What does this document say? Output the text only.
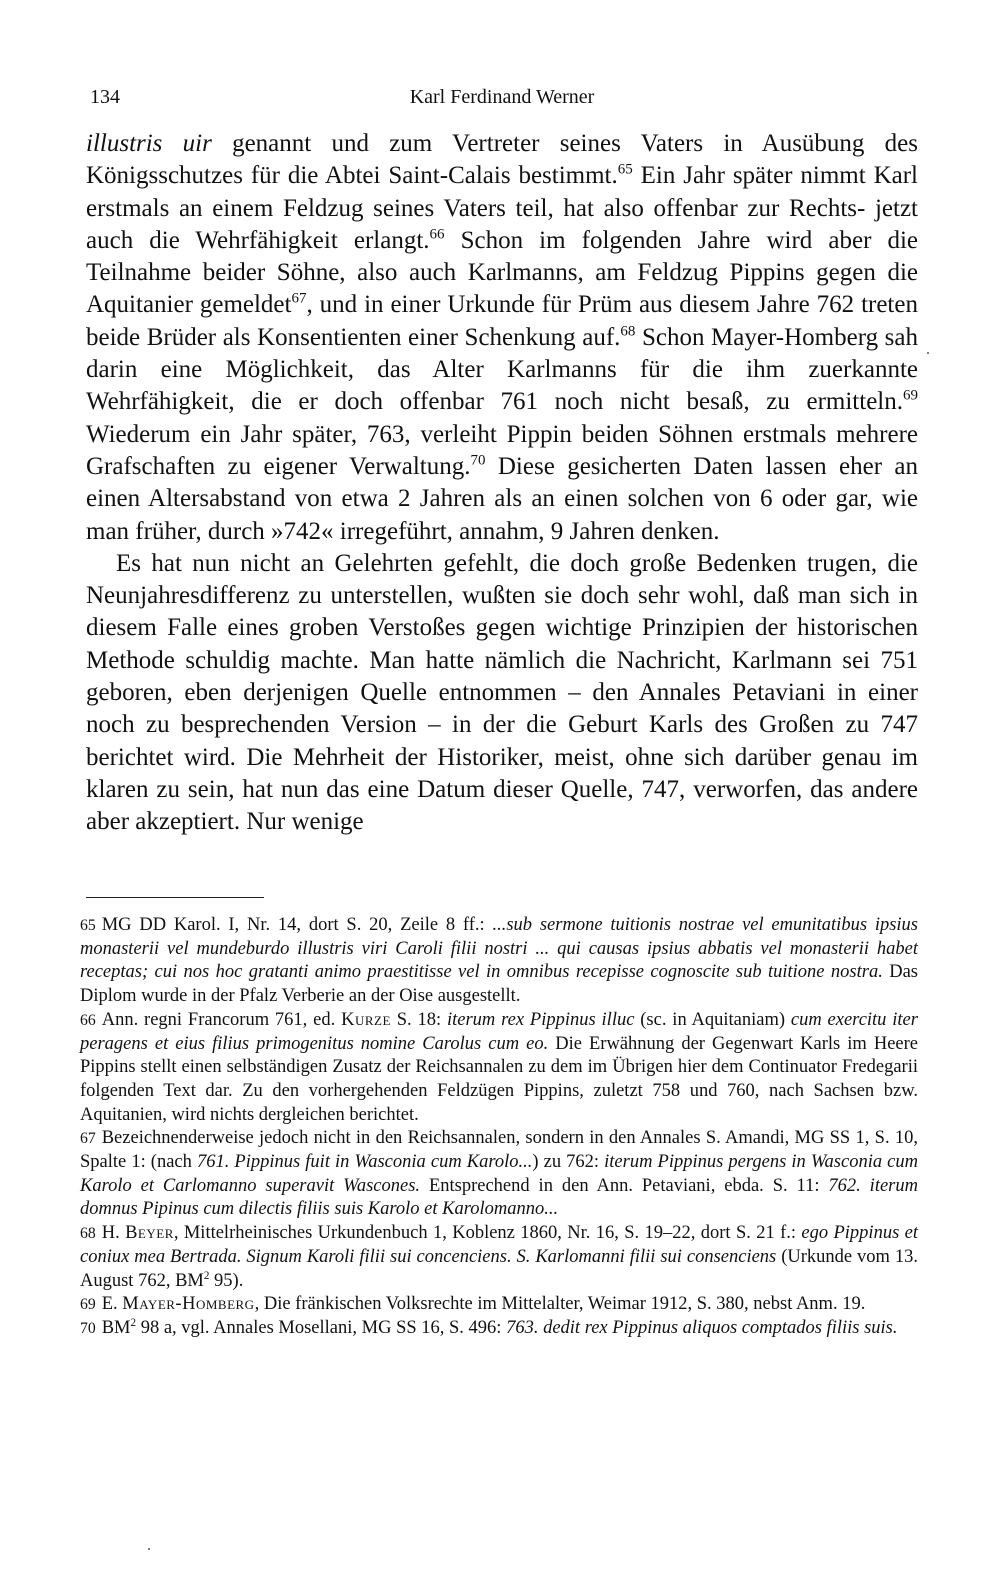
134	Karl Ferdinand Werner

illustris uir genannt und zum Vertreter seines Vaters in Ausübung des Königsschutzes für die Abtei Saint-Calais bestimmt.$^{65}$ Ein Jahr später nimmt Karl erstmals an einem Feldzug seines Vaters teil, hat also offenbar zur Rechts- jetzt auch die Wehrfähigkeit erlangt.$^{66}$ Schon im folgenden Jahre wird aber die Teilnahme beider Söhne, also auch Karlmanns, am Feldzug Pippins gegen die Aquitanier gemeldet$^{67}$, und in einer Urkunde für Prüm aus diesem Jahre 762 treten beide Brüder als Konsentienten einer Schenkung auf.$^{68}$ Schon Mayer-Homberg sah darin eine Möglichkeit, das Alter Karlmanns für die ihm zuerkannte Wehrfähigkeit, die er doch offenbar 761 noch nicht besaß, zu ermitteln.$^{69}$ Wiederum ein Jahr später, 763, verleiht Pippin beiden Söhnen erstmals mehrere Grafschaften zu eigener Verwaltung.$^{70}$ Diese gesicherten Daten lassen eher an einen Altersabstand von etwa 2 Jahren als an einen solchen von 6 oder gar, wie man früher, durch »742« irregeführt, annahm, 9 Jahren denken.

Es hat nun nicht an Gelehrten gefehlt, die doch große Bedenken trugen, die Neunjahresdifferenz zu unterstellen, wußten sie doch sehr wohl, daß man sich in diesem Falle eines groben Verstoßes gegen wichtige Prinzipien der historischen Methode schuldig machte. Man hatte nämlich die Nachricht, Karlmann sei 751 geboren, eben derjenigen Quelle entnommen – den Annales Petaviani in einer noch zu besprechenden Version – in der die Geburt Karls des Großen zu 747 berichtet wird. Die Mehrheit der Historiker, meist, ohne sich darüber genau im klaren zu sein, hat nun das eine Datum dieser Quelle, 747, verworfen, das andere aber akzeptiert. Nur wenige

65 MG DD Karol. I, Nr. 14, dort S. 20, Zeile 8 ff.: ...sub sermone tuitionis nostrae vel emunitatibus ipsius monasterii vel mundeburdo illustris viri Caroli filii nostri ... qui causas ipsius abbatis vel monasterii habet receptas; cui nos hoc gratanti animo praestitisse vel in omnibus recepisse cognoscite sub tuitione nostra. Das Diplom wurde in der Pfalz Verberie an der Oise ausgestellt.

66 Ann. regni Francorum 761, ed. Kurze S. 18: iterum rex Pippinus illuc (sc. in Aquitaniam) cum exercitu iter peragens et eius filius primogenitus nomine Carolus cum eo. Die Erwähnung der Gegenwart Karls im Heere Pippins stellt einen selbständigen Zusatz der Reichsannalen zu dem im Übrigen hier dem Continuator Fredegarii folgenden Text dar. Zu den vorhergehenden Feldzügen Pippins, zuletzt 758 und 760, nach Sachsen bzw. Aquitanien, wird nichts dergleichen berichtet.

67 Bezeichnenderweise jedoch nicht in den Reichsannalen, sondern in den Annales S. Amandi, MG SS 1, S. 10, Spalte 1: (nach 761. Pippinus fuit in Wasconia cum Karolo...) zu 762: iterum Pippinus pergens in Wasconia cum Karolo et Carlomanno superavit Wascones. Entsprechend in den Ann. Petaviani, ebda. S. 11: 762. iterum domnus Pipinus cum dilectis filiis suis Karolo et Karolomanno...

68 H. Beyer, Mittelrheinisches Urkundenbuch 1, Koblenz 1860, Nr. 16, S. 19–22, dort S. 21 f.: ego Pippinus et coniux mea Bertrada. Signum Karoli filii sui concenciens. S. Karlomanni filii sui consenciens (Urkunde vom 13. August 762, $BM^2$ 95).

69 E. Mayer-Homberg, Die fränkischen Volksrechte im Mittelalter, Weimar 1912, S. 380, nebst Anm. 19.

70 $BM^2$ 98 a, vgl. Annales Mosellani, MG SS 16, S. 496: 763. dedit rex Pippinus aliquos comptados filiis suis.
